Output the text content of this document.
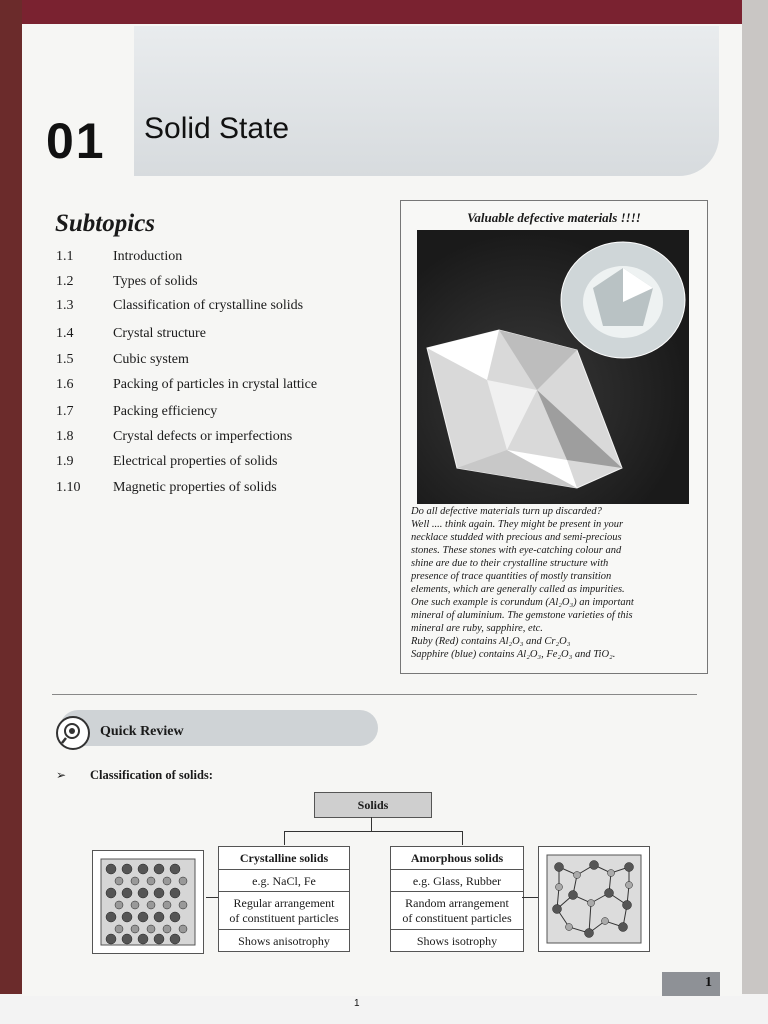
01 Solid State
Subtopics
1.1	Introduction
1.2	Types of solids
1.3	Classification of crystalline solids
1.4	Crystal structure
1.5	Cubic system
1.6	Packing of particles in crystal lattice
1.7	Packing efficiency
1.8	Crystal defects or imperfections
1.9	Electrical properties of solids
1.10	Magnetic properties of solids
Valuable defective materials !!!!
Do all defective materials turn up discarded?
Well .... think again. They might be present in your
necklace studded with precious and semi-precious
stones. These stones with eye-catching colour and
shine are due to their crystalline structure with
presence of trace quantities of mostly transition
elements, which are generally called as impurities.
One such example is corundum (Al₂O₃) an important
mineral of aluminium. The gemstone varieties of this
mineral are ruby, sapphire, etc.
Ruby (Red) contains Al₂O₃ and Cr₂O₃
Sapphire (blue) contains Al₂O₃, Fe₂O₃ and TiO₂.
Quick Review
➢ Classification of solids:
Solids
Crystalline solids
e.g. NaCl, Fe
Regular arrangement
of constituent particles
Shows anisotrophy
Amorphous solids
e.g. Glass, Rubber
Random arrangement
of constituent particles
Shows isotrophy
1
1
